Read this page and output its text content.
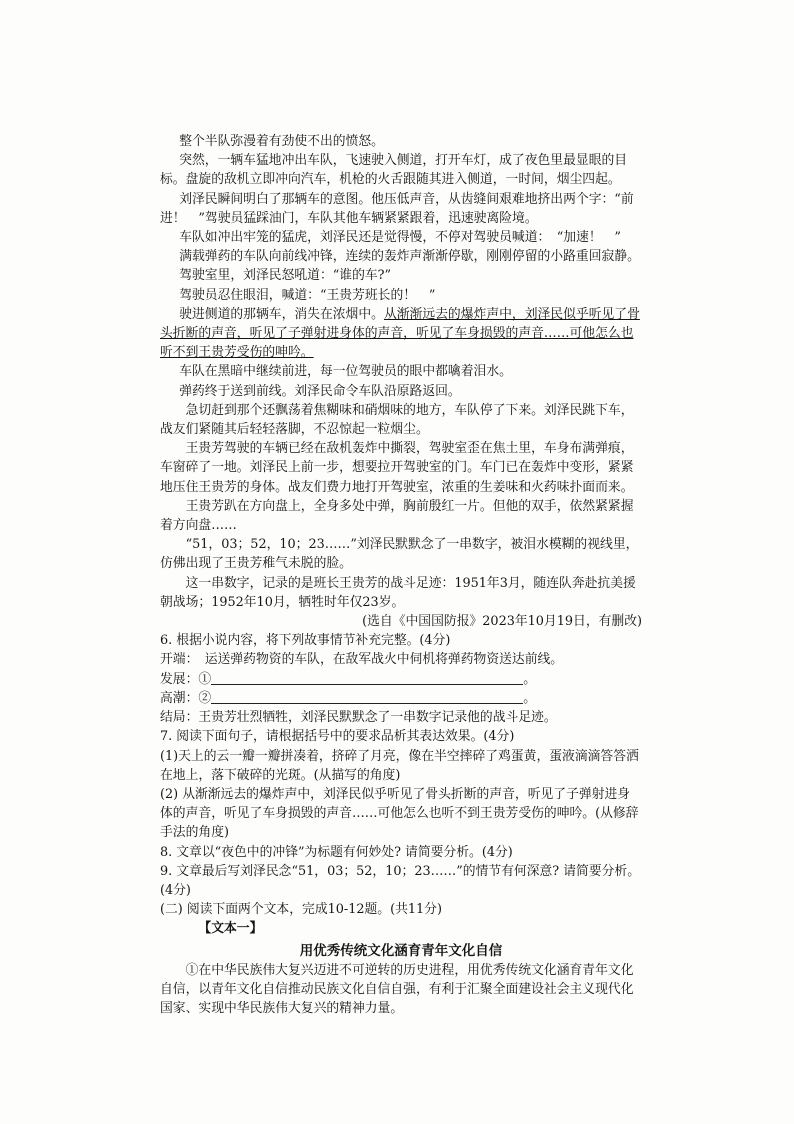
整个半队弥漫着有劲使不出的愤怒。

突然，一辆车猛地冲出车队，飞速驶入侧道，打开车灯，成了夜色里最显眼的目标。盘旋的敌机立即冲向汽车，机枪的火舌跟随其进入侧道，一时间，烟尘四起。

刘泽民瞬间明白了那辆车的意图。他压低声音，从齿缝间艰难地挤出两个字：“前进！　”驾驶员猛踩油门，车队其他车辆紧紧跟着，迅速驶离险境。

车队如冲出牢笼的猛虎，刘泽民还是觉得慢，不停对驾驶员喊道：　“加速！　”

满载弹药的车队向前线冲锋，连续的轰炸声渐渐停歇，刚刚停留的小路重回寂静。

驾驶室里，刘泽民怒吼道：“谁的车?”

驾驶员忍住眼泪，喊道：“王贵芳班长的！　”

驶进侧道的那辆车，消失在浓烟中。从渐渐远去的爆炸声中，刘泽民似乎听见了骨头折断的声音，听见了子弹射进身体的声音，听见了车身损毁的声音……可他怎么也听不到王贵芳受伤的呻吟。

车队在黑暗中继续前进，每一位驾驶员的眼中都噙着泪水。

弹药终于送到前线。刘泽民命令车队沿原路返回。

急切赶到那个还飘荡着焦糊味和硝烟味的地方，车队停了下来。刘泽民跳下车，战友们紧随其后轻轻落脚，不忍惊起一粒烟尘。

王贵芳驾驶的车辆已经在敌机轰炸中撕裂，驾驶室歪在焦土里，车身布满弹痕，车窗碎了一地。刘泽民上前一步，想要拉开驾驶室的门。车门已在轰炸中变形，紧紧地压住王贵芳的身体。战友们费力地打开驾驶室，浓重的生姜味和火药味扑面而来。

王贵芳趴在方向盘上，全身多处中弹，胸前殷红一片。但他的双手，依然紧紧握着方向盘……

“51，03；52，10；23……”刘泽民默默念了一串数字，被泪水模糊的视线里，仿佛出现了王贵芳稚气未脱的脸。

这一串数字，记录的是班长王贵芳的战斗足迹：1951年3月，随连队奔赴抗美援朝战场；1952年10月，牺牲时年仅23岁。

(选自《中国国防报》2023年10月19日，有删改)

6. 根据小说内容，将下列故事情节补充完整。(4分)

开端：　运送弹药物资的车队，在敌军战火中伺机将弹药物资送达前线。

发展：①	。

高潮：②	。

结局：王贵芳壮烈牺牲，刘泽民默默念了一串数字记录他的战斗足迹。

7. 阅读下面句子，请根据括号中的要求品析其表达效果。(4分)

(1)天上的云一瓣一瓣拼凑着，挤碎了月亮，像在半空摔碎了鸡蛋黄，蛋液滴滴答答洒在地上，落下破碎的光斑。(从描写的角度)

(2) 从渐渐远去的爆炸声中，刘泽民似乎听见了骨头折断的声音，听见了子弹射进身体的声音，听见了车身损毁的声音……可他怎么也听不到王贵芳受伤的呻吟。(从修辞手法的角度)

8. 文章以“夜色中的冲锋”为标题有何妙处? 请简要分析。(4分)

9. 文章最后写刘泽民念“51，03；52，10；23……”的情节有何深意? 请简要分析。(4分)

(二) 阅读下面两个文本，完成10-12题。(共11分)

【文本一】

用优秀传统文化涵育青年文化自信

①在中华民族伟大复兴迈进不可逆转的历史进程，用优秀传统文化涵育青年文化自信，以青年文化自信推动民族文化自信自强，有利于汇聚全面建设社会主义现代化国家、实现中华民族伟大复兴的精神力量。
